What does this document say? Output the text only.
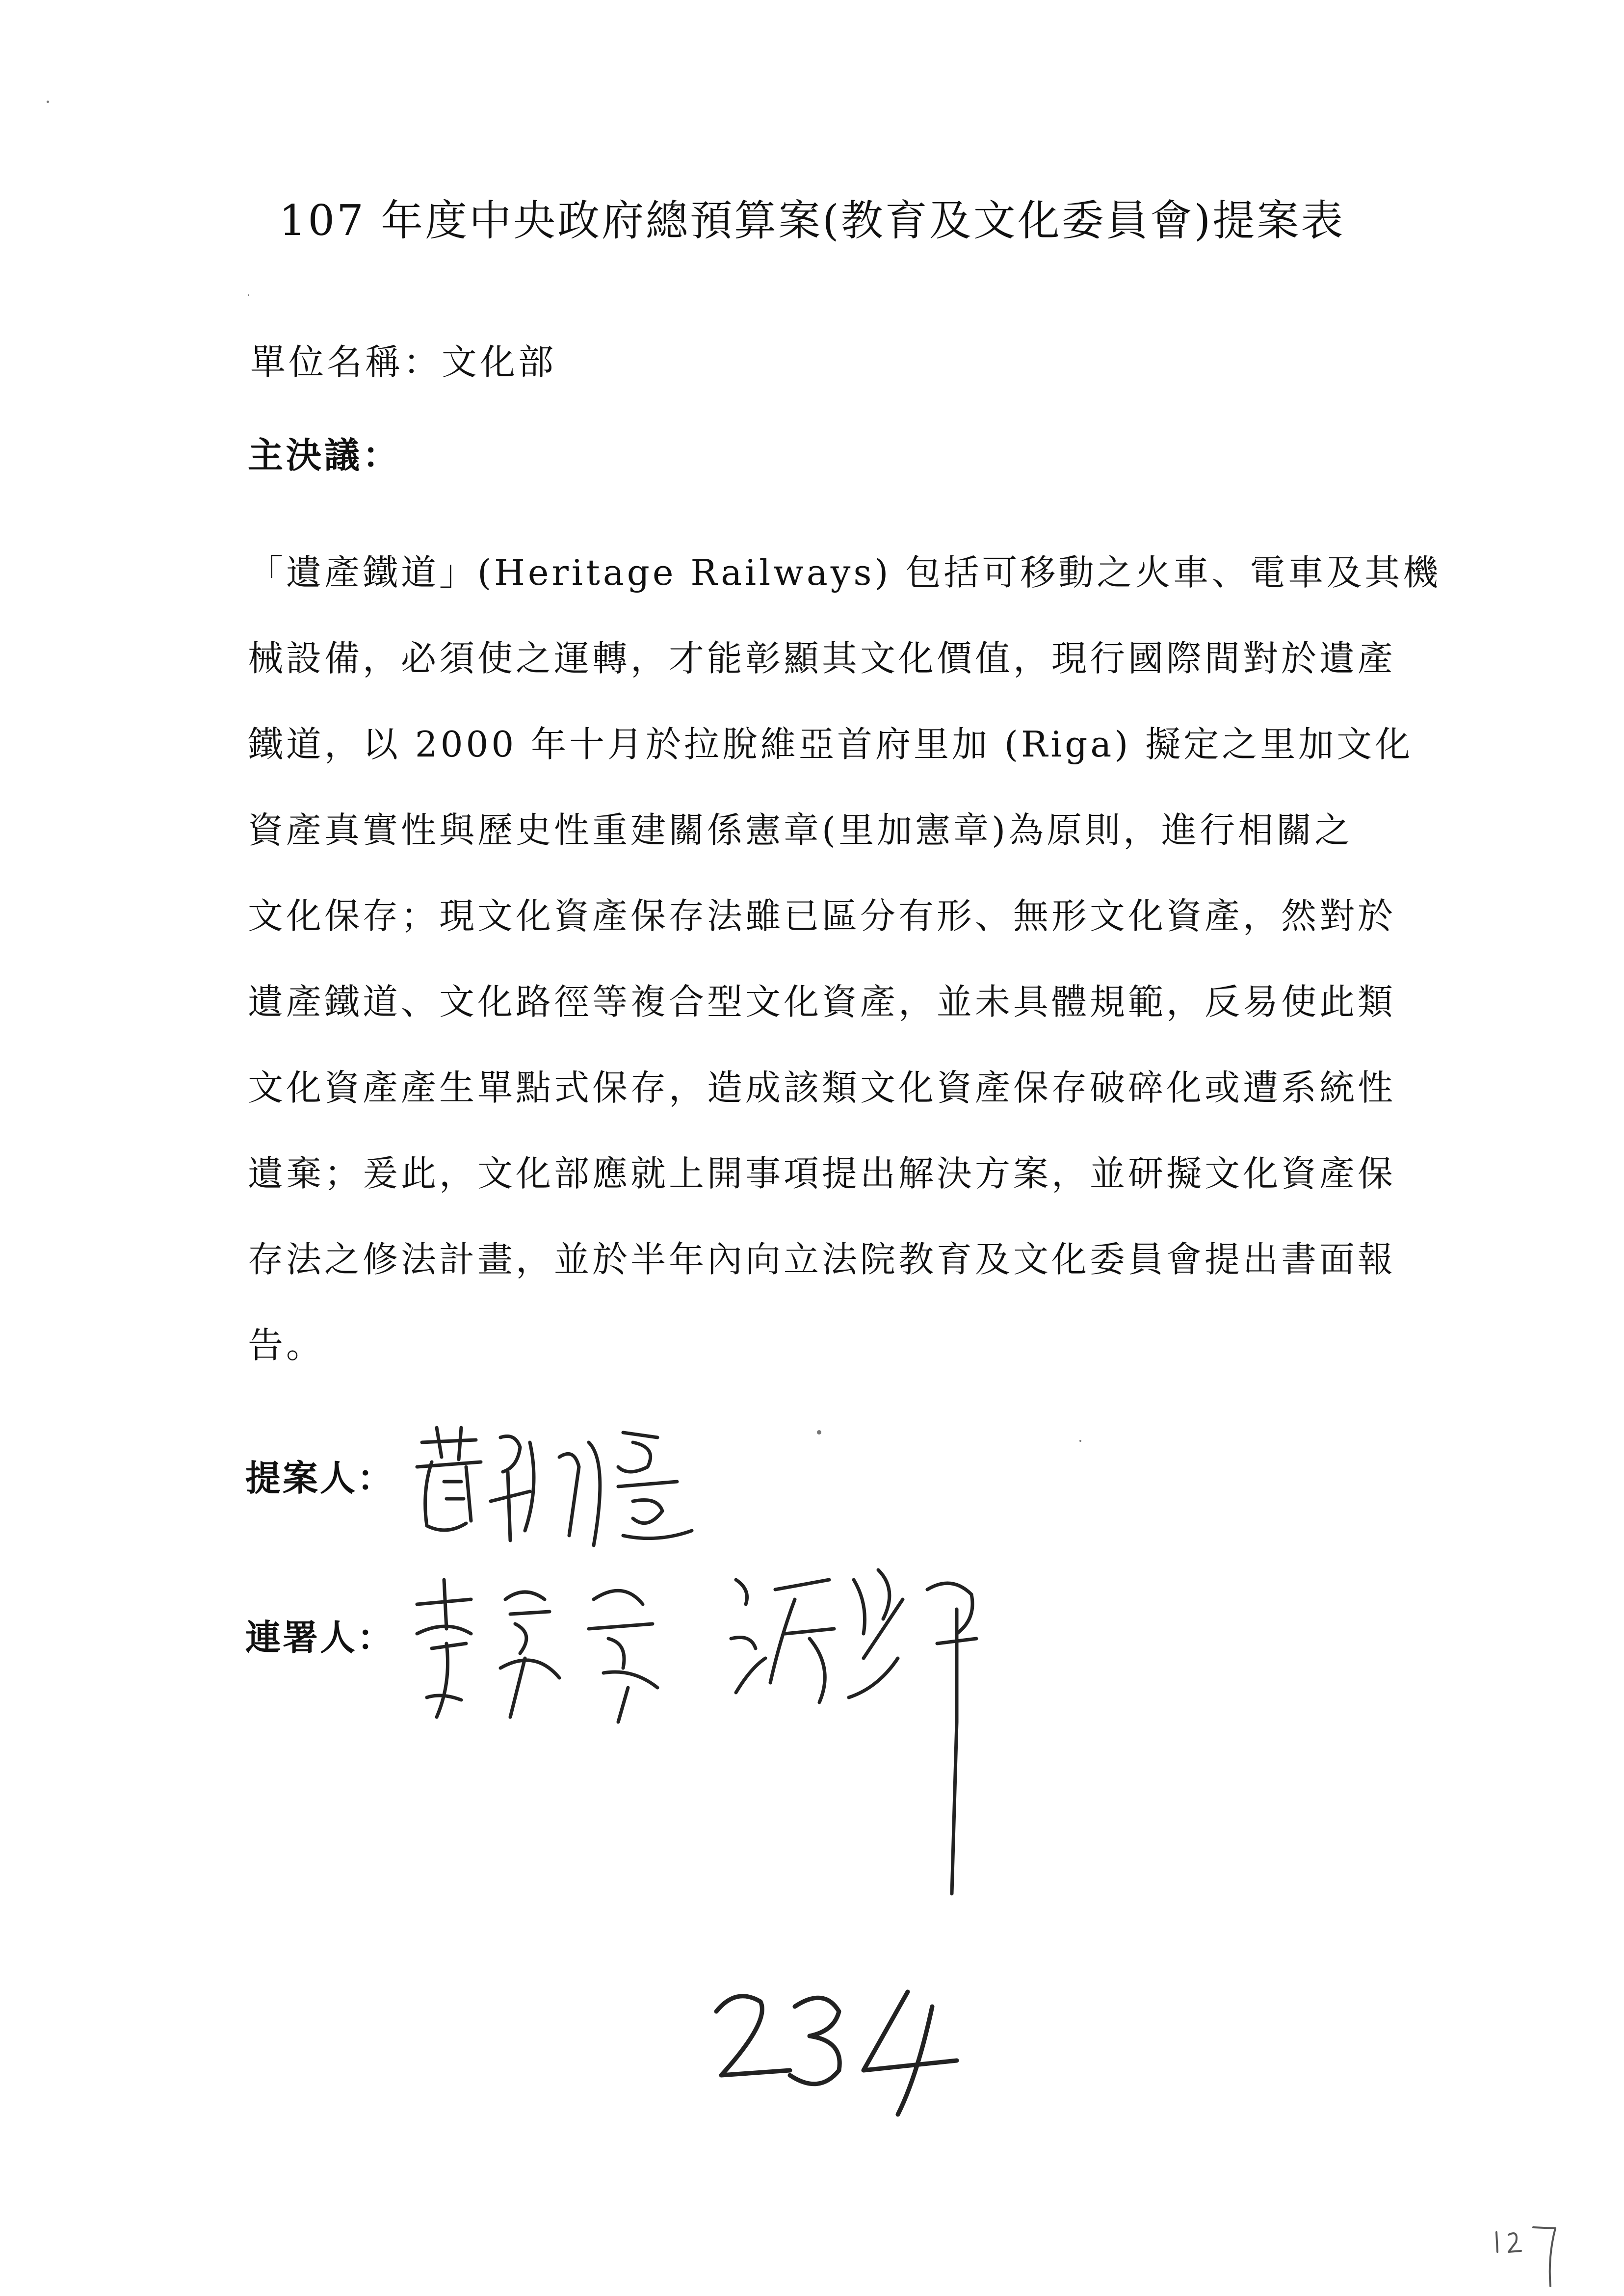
107 年度中央政府總預算案(教育及文化委員會)提案表
單位名稱：文化部
主決議：
「遺產鐵道」(Heritage Railways) 包括可移動之火車、電車及其機
械設備，必須使之運轉，才能彰顯其文化價值，現行國際間對於遺產
鐵道，以 2000 年十月於拉脫維亞首府里加 (Riga) 擬定之里加文化
資產真實性與歷史性重建關係憲章(里加憲章)為原則，進行相關之
文化保存；現文化資產保存法雖已區分有形、無形文化資產，然對於
遺產鐵道、文化路徑等複合型文化資產，並未具體規範，反易使此類
文化資產產生單點式保存，造成該類文化資產保存破碎化或遭系統性
遺棄；爰此，文化部應就上開事項提出解決方案，並研擬文化資產保
存法之修法計畫，並於半年內向立法院教育及文化委員會提出書面報
告。
提案人：
連署人：
